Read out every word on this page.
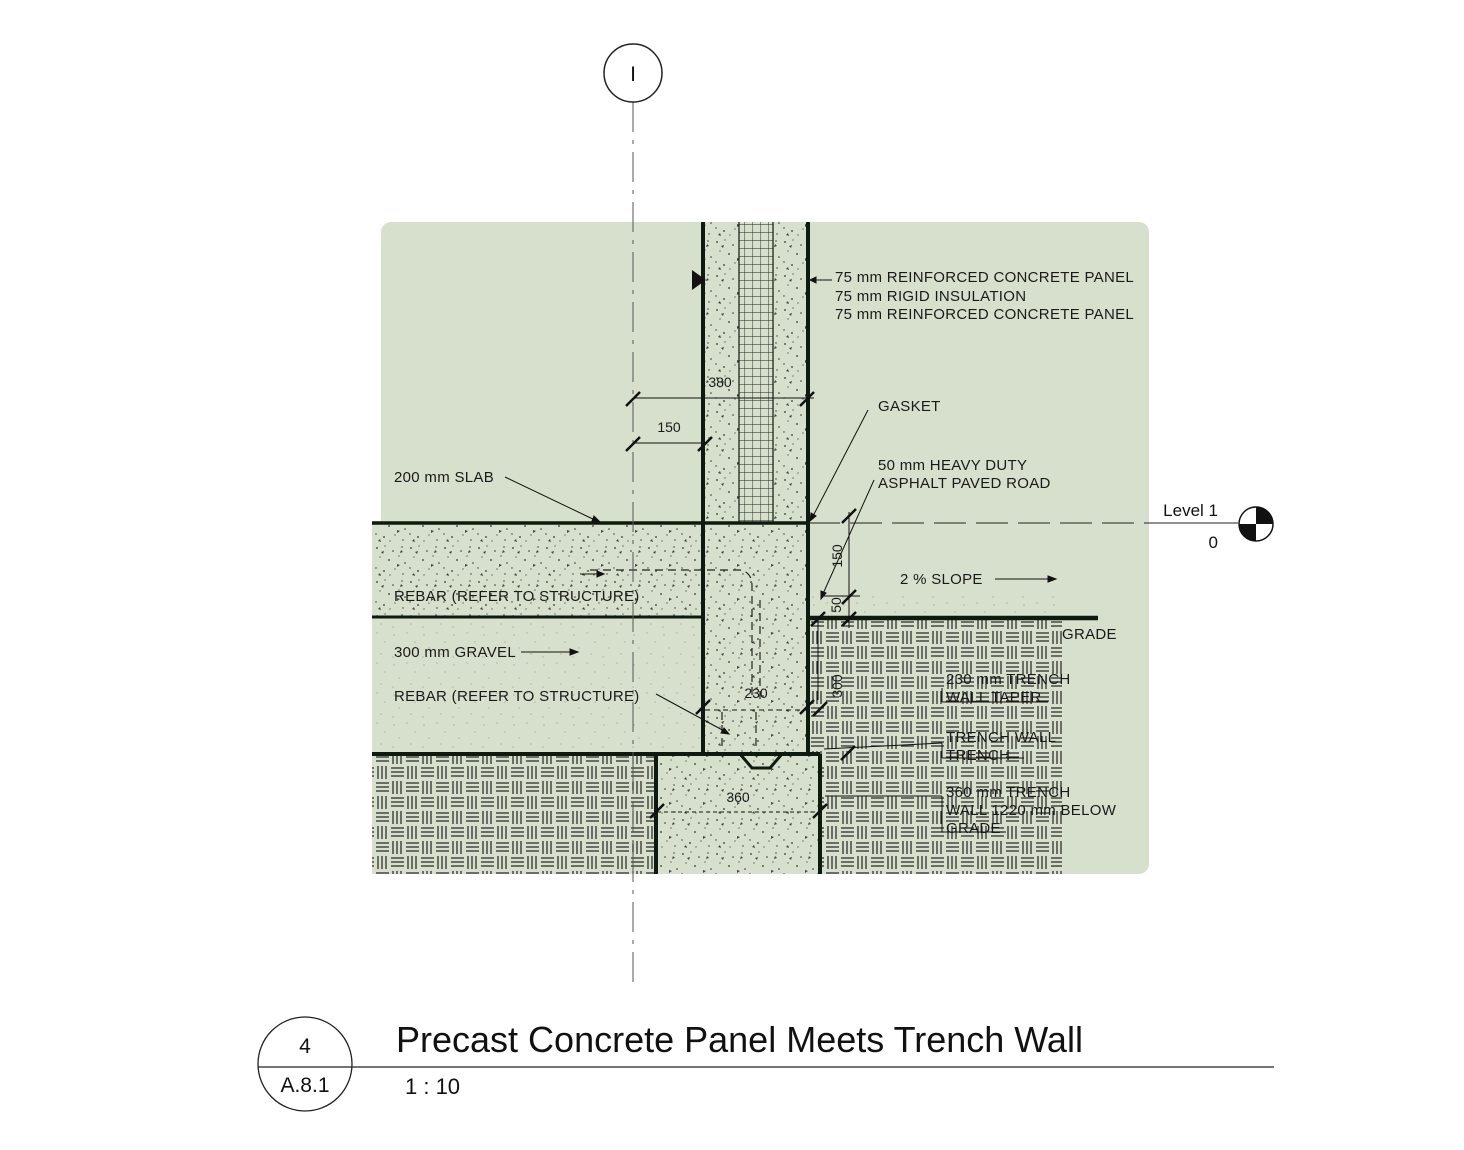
I
Level 1
0
380
150
150
50
300
230
360
75 mm REINFORCED CONCRETE PANEL
75 mm RIGID INSULATION
75 mm REINFORCED CONCRETE PANEL
GASKET
50 mm HEAVY DUTY
ASPHALT PAVED ROAD
200 mm SLAB
REBAR (REFER TO STRUCTURE)
300 mm GRAVEL
REBAR (REFER TO STRUCTURE)
2 % SLOPE
GRADE
230 mm TRENCH
WALL TAPER
TRENCH WALL
TRENCH
360 mm TRENCH
WALL 1220 mm BELOW
GRADE
4
A.8.1
Precast Concrete Panel Meets Trench Wall
1 : 10
